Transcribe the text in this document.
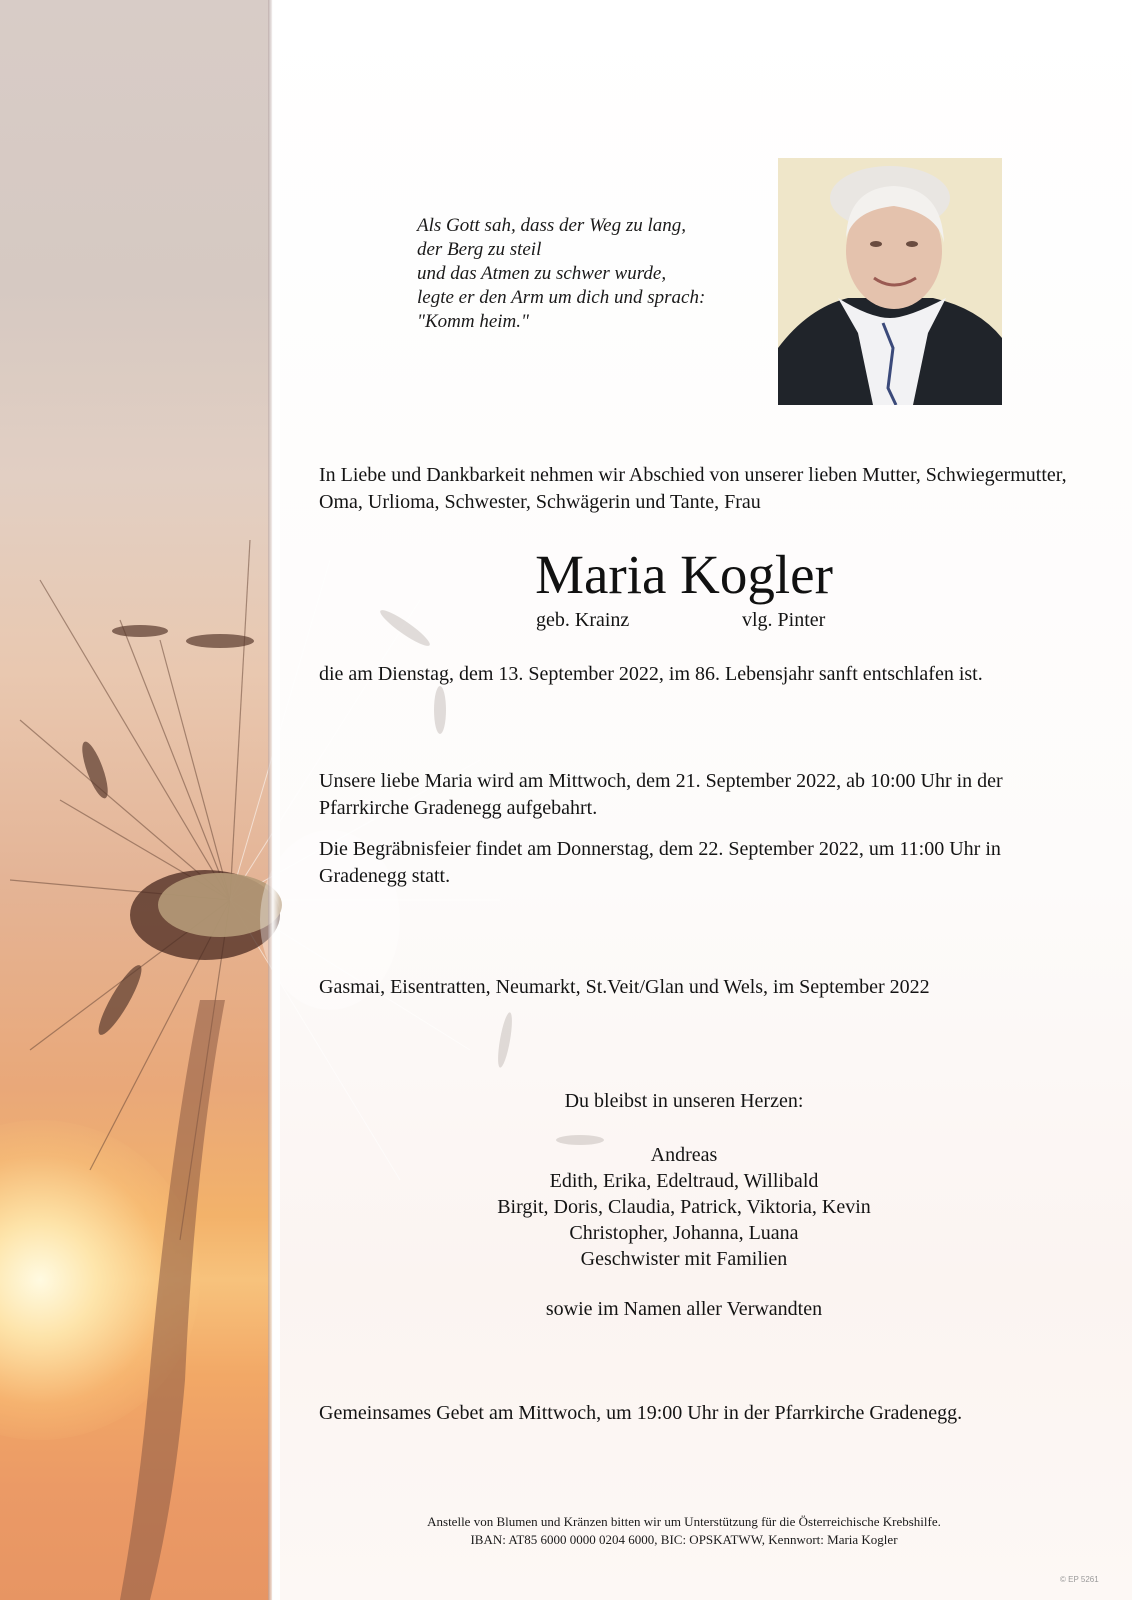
Als Gott sah, dass der Weg zu lang,
der Berg zu steil
und das Atmen zu schwer wurde,
legte er den Arm um dich und sprach:
"Komm heim."
In Liebe und Dankbarkeit nehmen wir Abschied von unserer lieben Mutter, Schwiegermutter, Oma, Urlioma, Schwester, Schwägerin und Tante, Frau
Maria Kogler
geb. Krainz	vlg. Pinter
die am Dienstag, dem 13. September 2022, im 86. Lebensjahr sanft entschlafen ist.
Unsere liebe Maria wird am Mittwoch, dem 21. September 2022, ab 10:00 Uhr in der Pfarrkirche Gradenegg aufgebahrt.
Die Begräbnisfeier findet am Donnerstag, dem 22. September 2022, um 11:00 Uhr in Gradenegg statt.
Gasmai, Eisentratten, Neumarkt, St.Veit/Glan und Wels, im September 2022
Du bleibst in unseren Herzen:
Andreas
Edith, Erika, Edeltraud, Willibald
Birgit, Doris, Claudia, Patrick, Viktoria, Kevin
Christopher, Johanna, Luana
Geschwister mit Familien
sowie im Namen aller Verwandten
Gemeinsames Gebet am Mittwoch, um 19:00 Uhr in der Pfarrkirche Gradenegg.
Anstelle von Blumen und Kränzen bitten wir um Unterstützung für die Österreichische Krebshilfe.
IBAN: AT85 6000 0000 0204 6000, BIC: OPSKATWW, Kennwort: Maria Kogler
© EP 5261
